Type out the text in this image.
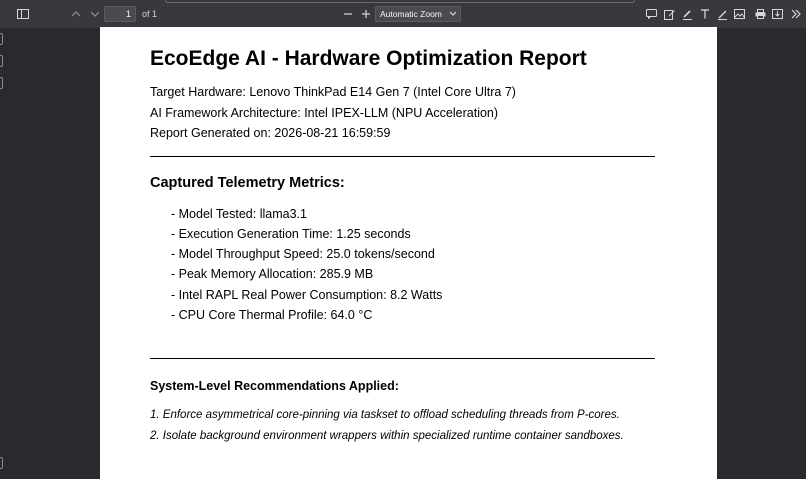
1
of 1	Automatic Zoom
EcoEdge AI - Hardware Optimization Report
Target Hardware: Lenovo ThinkPad E14 Gen 7 (Intel Core Ultra 7)
AI Framework Architecture: Intel IPEX-LLM (NPU Acceleration)
Report Generated on: 2026-08-21 16:59:59
Captured Telemetry Metrics:
- Model Tested: llama3.1
- Execution Generation Time: 1.25 seconds
- Model Throughput Speed: 25.0 tokens/second
- Peak Memory Allocation: 285.9 MB
- Intel RAPL Real Power Consumption: 8.2 Watts
- CPU Core Thermal Profile: 64.0 °C
System-Level Recommendations Applied:
1. Enforce asymmetrical core-pinning via taskset to offload scheduling threads from P-cores.
2. Isolate background environment wrappers within specialized runtime container sandboxes.
